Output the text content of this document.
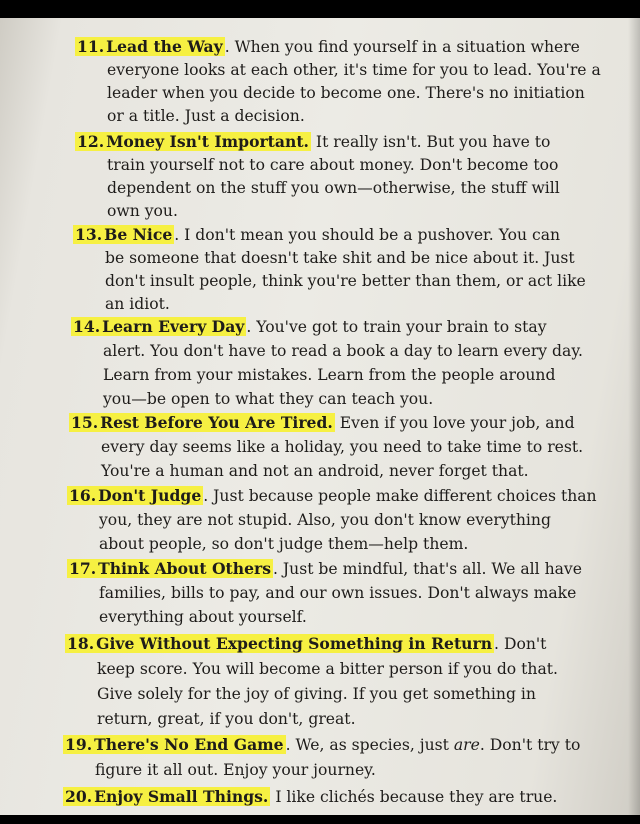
11. Lead the Way . When you find yourself in a situation where
everyone looks at each other, it's time for you to lead. You're a
leader when you decide to become one. There's no initiation
or a title. Just a decision.
12. Money Isn't Important. It really isn't. But you have to
train yourself not to care about money. Don't become too
dependent on the stuff you own—otherwise, the stuff will
own you.
13. Be Nice . I don't mean you should be a pushover. You can
be someone that doesn't take shit and be nice about it. Just
don't insult people, think you're better than them, or act like
an idiot.
14. Learn Every Day . You've got to train your brain to stay
alert. You don't have to read a book a day to learn every day.
Learn from your mistakes. Learn from the people around
you—be open to what they can teach you.
15. Rest Before You Are Tired. Even if you love your job, and
every day seems like a holiday, you need to take time to rest.
You're a human and not an android, never forget that.
16. Don't Judge . Just because people make different choices than
you, they are not stupid. Also, you don't know everything
about people, so don't judge them—help them.
17. Think About Others . Just be mindful, that's all. We all have
families, bills to pay, and our own issues. Don't always make
everything about yourself.
18. Give Without Expecting Something in Return . Don't
keep score. You will become a bitter person if you do that.
Give solely for the joy of giving. If you get something in
return, great, if you don't, great.
19. There's No End Game . We, as species, just are. Don't try to
figure it all out. Enjoy your journey.
20. Enjoy Small Things. I like clichés because they are true.
